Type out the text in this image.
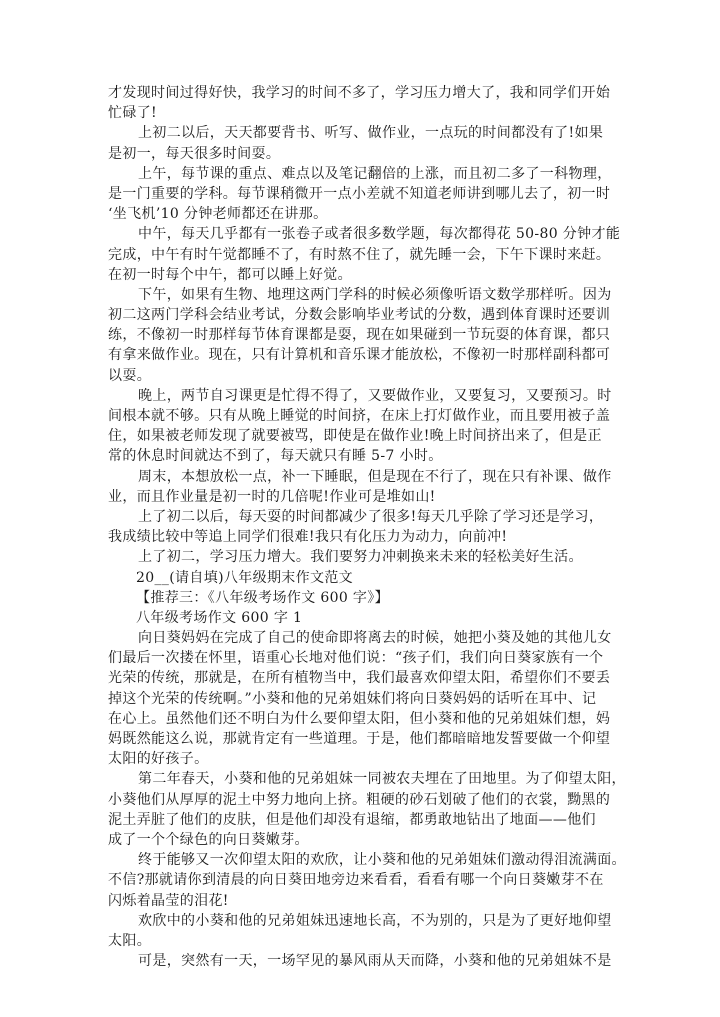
才发现时间过得好快，我学习的时间不多了，学习压力增大了，我和同学们开始
忙碌了!
上初二以后，天天都要背书、听写、做作业，一点玩的时间都没有了!如果
是初一，每天很多时间耍。
上午，每节课的重点、难点以及笔记翻倍的上涨，而且初二多了一科物理，
是一门重要的学科。每节课稍微开一点小差就不知道老师讲到哪儿去了，初一时
‘坐飞机’10 分钟老师都还在讲那。
中午，每天几乎都有一张卷子或者很多数学题，每次都得花 50-80 分钟才能
完成，中午有时午觉都睡不了，有时熬不住了，就先睡一会，下午下课时来赶。
在初一时每个中午，都可以睡上好觉。
下午，如果有生物、地理这两门学科的时候必须像听语文数学那样听。因为
初二这两门学科会结业考试，分数会影响毕业考试的分数，遇到体育课时还要训
练，不像初一时那样每节体育课都是耍，现在如果碰到一节玩耍的体育课，都只
有拿来做作业。现在，只有计算机和音乐课才能放松，不像初一时那样副科都可
以耍。
晚上，两节自习课更是忙得不得了，又要做作业，又要复习，又要预习。时
间根本就不够。只有从晚上睡觉的时间挤，在床上打灯做作业，而且要用被子盖
住，如果被老师发现了就要被骂，即使是在做作业!晚上时间挤出来了，但是正
常的休息时间就达不到了，每天就只有睡 5-7 小时。
周末，本想放松一点，补一下睡眠，但是现在不行了，现在只有补课、做作
业，而且作业量是初一时的几倍呢!作业可是堆如山!
上了初二以后，每天耍的时间都减少了很多!每天几乎除了学习还是学习，
我成绩比较中等追上同学们很难!我只有化压力为动力，向前冲!
上了初二，学习压力增大。我们要努力冲刺换来未来的轻松美好生活。
20__(请自填)八年级期末作文范文
【推荐三：《八年级考场作文 600 字》】
八年级考场作文 600 字 1
向日葵妈妈在完成了自己的使命即将离去的时候，她把小葵及她的其他儿女
们最后一次搂在怀里，语重心长地对他们说：“孩子们，我们向日葵家族有一个
光荣的传统，那就是，在所有植物当中，我们最喜欢仰望太阳，希望你们不要丢
掉这个光荣的传统啊。”小葵和他的兄弟姐妹们将向日葵妈妈的话听在耳中、记
在心上。虽然他们还不明白为什么要仰望太阳，但小葵和他的兄弟姐妹们想，妈
妈既然能这么说，那就肯定有一些道理。于是，他们都暗暗地发誓要做一个仰望
太阳的好孩子。
第二年春天，小葵和他的兄弟姐妹一同被农夫埋在了田地里。为了仰望太阳，
小葵他们从厚厚的泥土中努力地向上挤。粗硬的砂石划破了他们的衣裳，黝黑的
泥土弄脏了他们的皮肤，但是他们却没有退缩，都勇敢地钻出了地面——他们
成了一个个绿色的向日葵嫩芽。
终于能够又一次仰望太阳的欢欣，让小葵和他的兄弟姐妹们激动得泪流满面。
不信?那就请你到清晨的向日葵田地旁边来看看，看看有哪一个向日葵嫩芽不在
闪烁着晶莹的泪花!
欢欣中的小葵和他的兄弟姐妹迅速地长高，不为别的，只是为了更好地仰望
太阳。
可是，突然有一天，一场罕见的暴风雨从天而降，小葵和他的兄弟姐妹不是
